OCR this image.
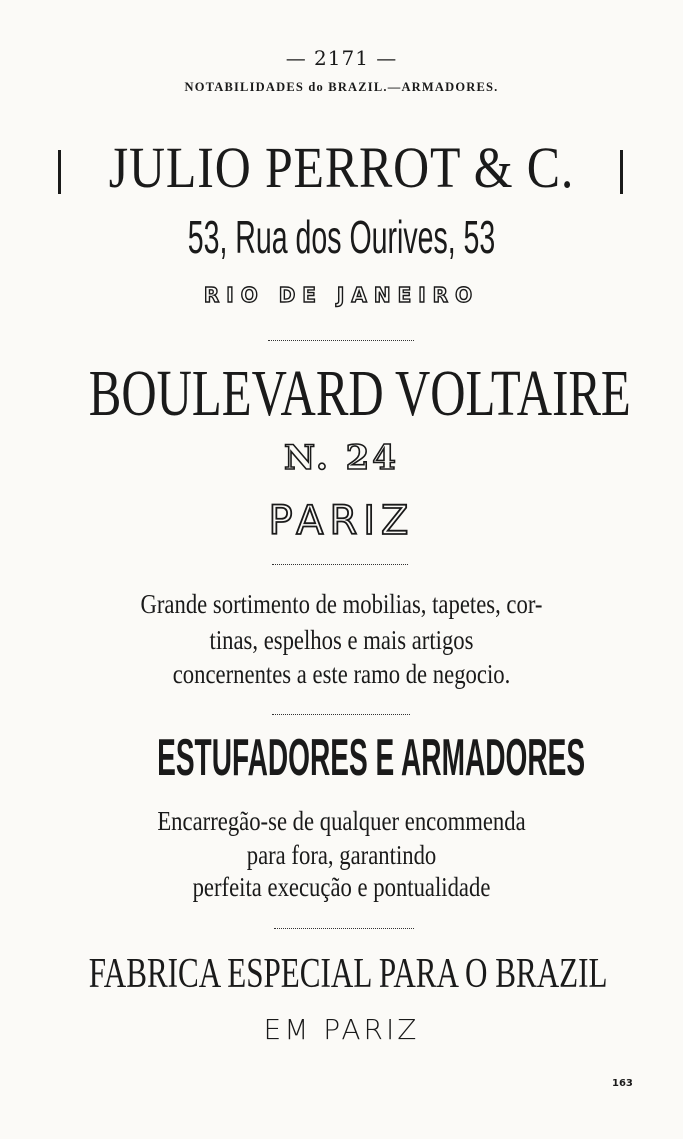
— 2171 —
NOTABILIDADES do BRAZIL.—ARMADORES.
JULIO PERROT & C.
53, Rua dos Ourives, 53
RIO DE JANEIRO
BOULEVARD VOLTAIRE
N. 24
PARIZ
Grande sortimento de mobilias, tapetes, cor-
tinas, espelhos e mais artigos
concernentes a este ramo de negocio.
ESTUFADORES E ARMADORES
Encarregão-se de qualquer encommenda
para fora, garantindo
perfeita execução e pontualidade
FABRICA ESPECIAL PARA O BRAZIL
EM PARIZ
163
